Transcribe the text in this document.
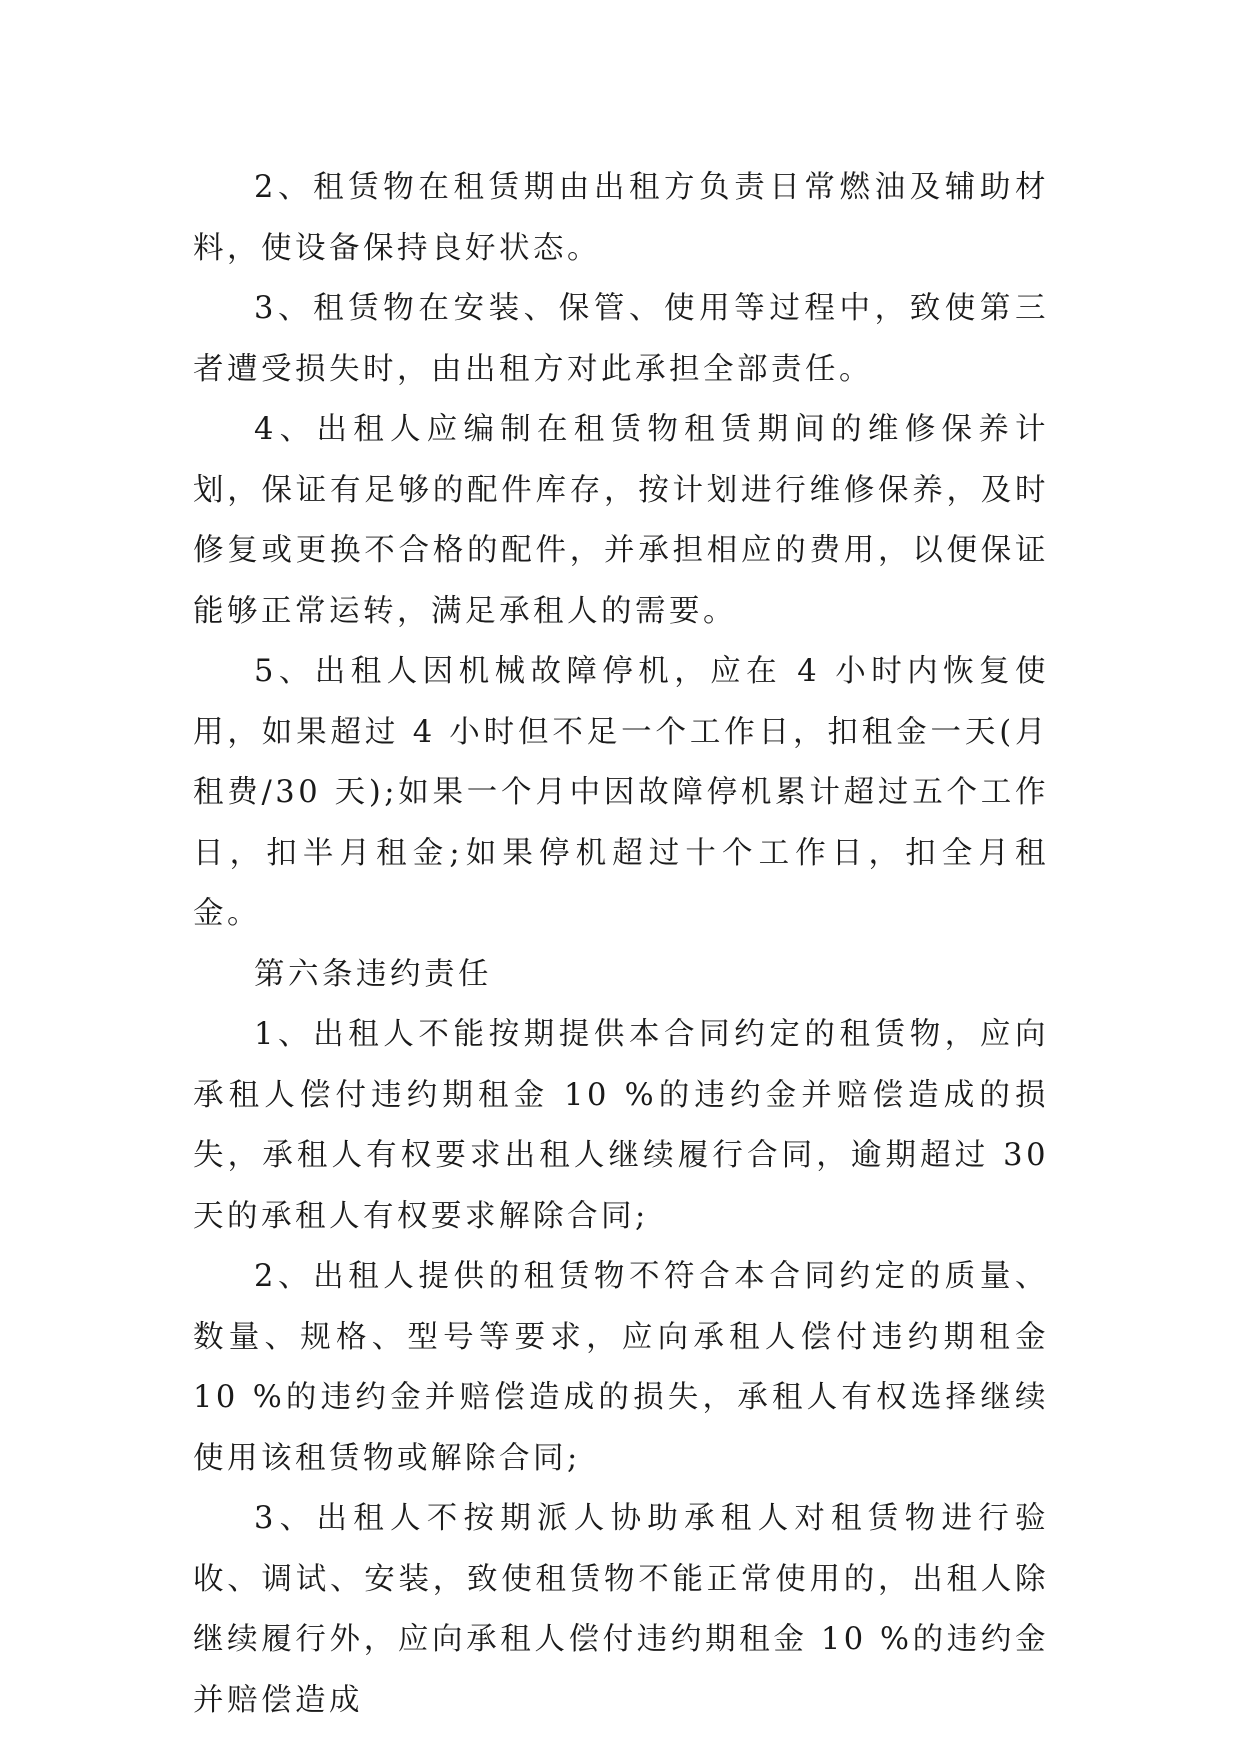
2、租赁物在租赁期由出租方负责日常燃油及辅助材料，使设备保持良好状态。

3、租赁物在安装、保管、使用等过程中，致使第三者遭受损失时，由出租方对此承担全部责任。

4、出租人应编制在租赁物租赁期间的维修保养计划，保证有足够的配件库存，按计划进行维修保养，及时修复或更换不合格的配件，并承担相应的费用，以便保证能够正常运转，满足承租人的需要。

5、出租人因机械故障停机，应在 4 小时内恢复使用，如果超过 4 小时但不足一个工作日，扣租金一天(月租费/30 天);如果一个月中因故障停机累计超过五个工作日，扣半月租金;如果停机超过十个工作日，扣全月租金。

第六条违约责任

1、出租人不能按期提供本合同约定的租赁物，应向承租人偿付违约期租金 10 %的违约金并赔偿造成的损失，承租人有权要求出租人继续履行合同，逾期超过 30 天的承租人有权要求解除合同;

2、出租人提供的租赁物不符合本合同约定的质量、数量、规格、型号等要求，应向承租人偿付违约期租金 10 %的违约金并赔偿造成的损失，承租人有权选择继续使用该租赁物或解除合同;

3、出租人不按期派人协助承租人对租赁物进行验收、调试、安装，致使租赁物不能正常使用的，出租人除继续履行外，应向承租人偿付违约期租金 10 %的违约金并赔偿造成
